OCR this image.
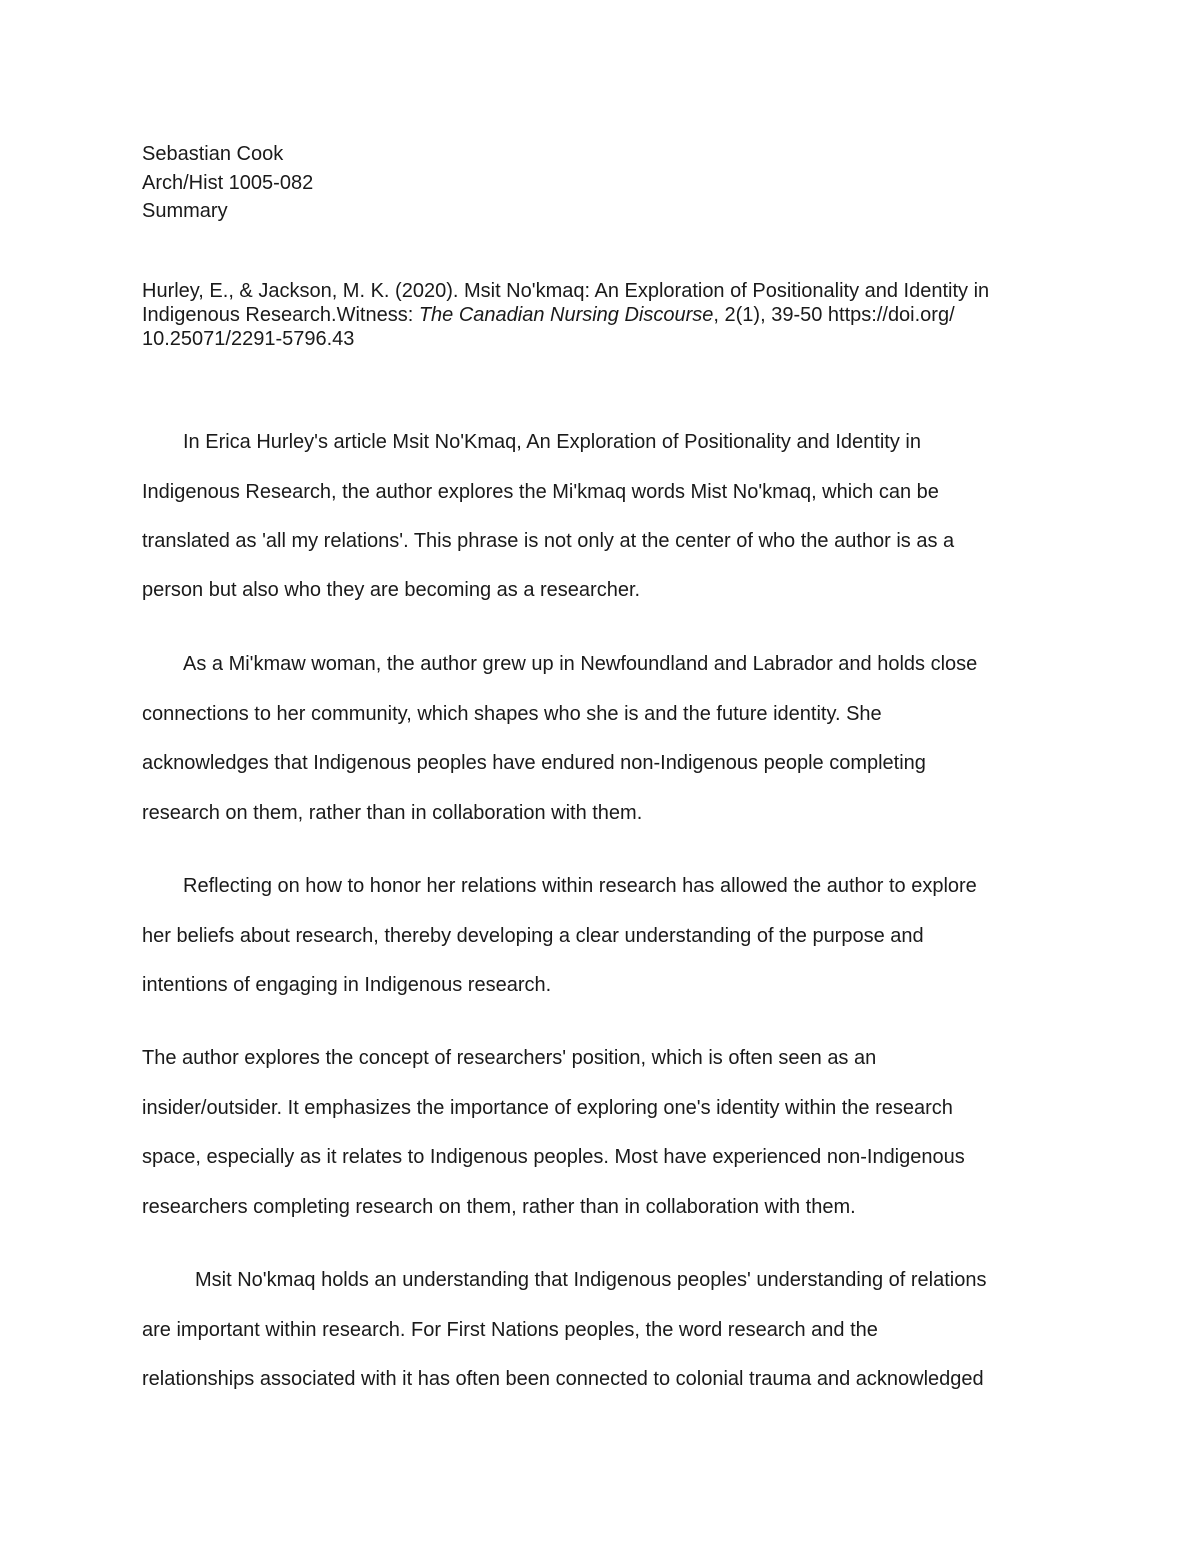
Sebastian Cook
Arch/Hist 1005-082
Summary
Hurley, E., & Jackson, M. K. (2020). Msit No'kmaq: An Exploration of Positionality and Identity in Indigenous Research.Witness: The Canadian Nursing Discourse, 2(1), 39-50 https://doi.org/ 10.25071/2291-5796.43
In Erica Hurley's article Msit No'Kmaq, An Exploration of Positionality and Identity in
Indigenous Research, the author explores the Mi'kmaq words Mist No'kmaq, which can be
translated as 'all my relations'. This phrase is not only at the center of who the author is as a
person but also who they are becoming as a researcher.
As a Mi'kmaw woman, the author grew up in Newfoundland and Labrador and holds close
connections to her community, which shapes who she is and the future identity. She
acknowledges that Indigenous peoples have endured non-Indigenous people completing
research on them, rather than in collaboration with them.
Reflecting on how to honor her relations within research has allowed the author to explore
her beliefs about research, thereby developing a clear understanding of the purpose and
intentions of engaging in Indigenous research.
The author explores the concept of researchers' position, which is often seen as an
insider/outsider. It emphasizes the importance of exploring one's identity within the research
space, especially as it relates to Indigenous peoples. Most have experienced non-Indigenous
researchers completing research on them, rather than in collaboration with them.
Msit No'kmaq holds an understanding that Indigenous peoples' understanding of relations
are important within research. For First Nations peoples, the word research and the
relationships associated with it has often been connected to colonial trauma and acknowledged
